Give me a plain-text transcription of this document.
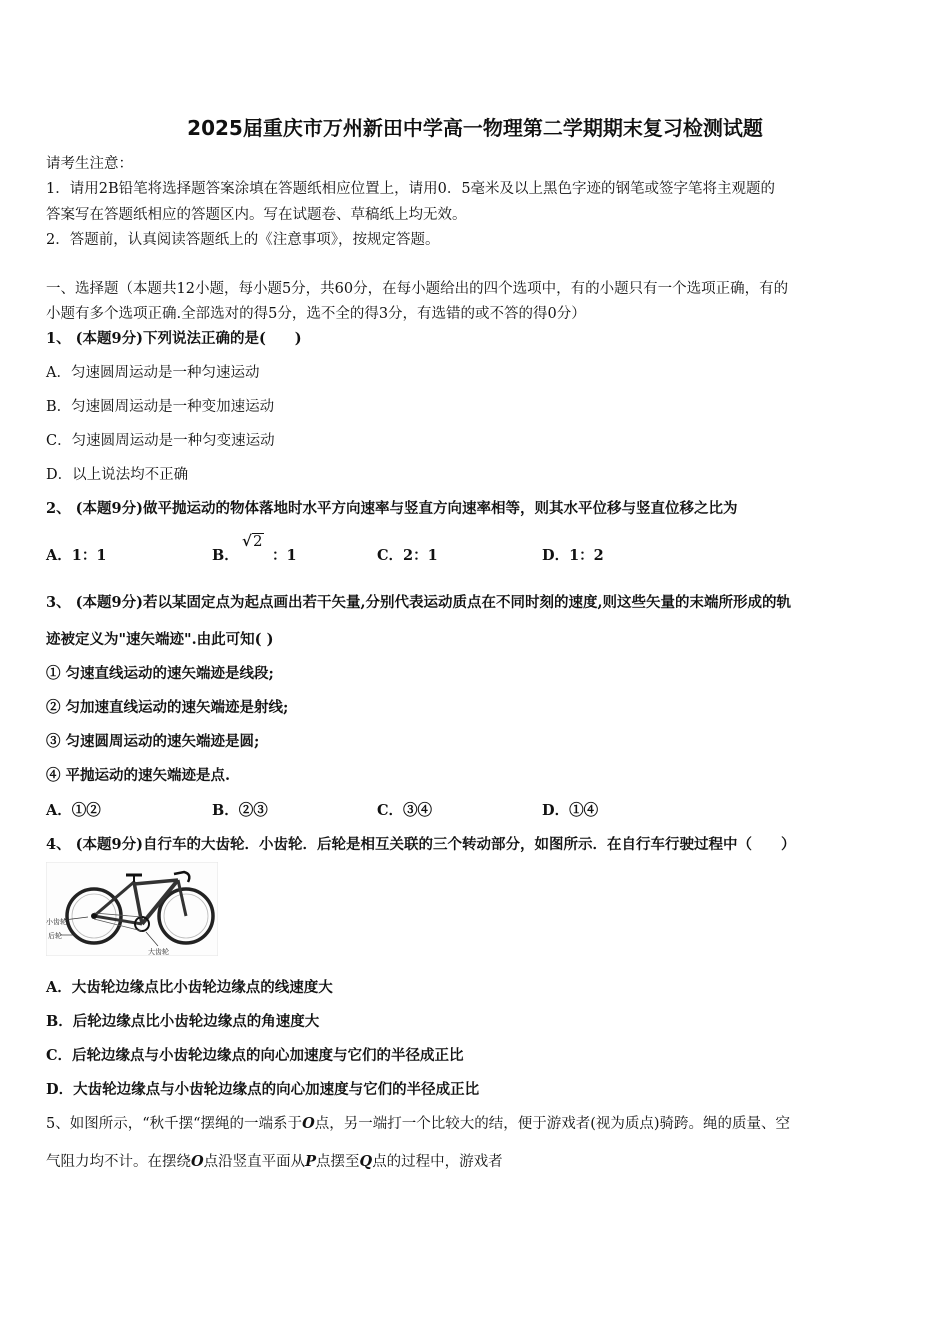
2025届重庆市万州新田中学高一物理第二学期期末复习检测试题
请考生注意：
1．请用2B铅笔将选择题答案涂填在答题纸相应位置上，请用0．5毫米及以上黑色字迹的钢笔或签字笔将主观题的
答案写在答题纸相应的答题区内。写在试题卷、草稿纸上均无效。
2．答题前，认真阅读答题纸上的《注意事项》，按规定答题。
一、选择题（本题共12小题，每小题5分，共60分，在每小题给出的四个选项中，有的小题只有一个选项正确，有的
小题有多个选项正确.全部选对的得5分，选不全的得3分，有选错的或不答的得0分）
1、 (本题9分)下列说法正确的是(　　)
A．匀速圆周运动是一种匀速运动
B．匀速圆周运动是一种变加速运动
C．匀速圆周运动是一种匀变速运动
D．以上说法均不正确
2、 (本题9分)做平抛运动的物体落地时水平方向速率与竖直方向速率相等，则其水平位移与竖直位移之比为
A．1：1	B．
√ 2
：1	C．2：1	D．1：2
3、 (本题9分)若以某固定点为起点画出若干矢量,分别代表运动质点在不同时刻的速度,则这些矢量的末端所形成的轨
迹被定义为"速矢端迹".由此可知( )
① 匀速直线运动的速矢端迹是线段;
② 匀加速直线运动的速矢端迹是射线;
③ 匀速圆周运动的速矢端迹是圆;
④ 平抛运动的速矢端迹是点.
A．①②	B．②③	C．③④	D．①④
4、 (本题9分)自行车的大齿轮．小齿轮．后轮是相互关联的三个转动部分，如图所示．在自行车行驶过程中（　　）
小齿轮
后轮
大齿轮
A．大齿轮边缘点比小齿轮边缘点的线速度大
B．后轮边缘点比小齿轮边缘点的角速度大
C．后轮边缘点与小齿轮边缘点的向心加速度与它们的半径成正比
D．大齿轮边缘点与小齿轮边缘点的向心加速度与它们的半径成正比
5、如图所示，“秋千摆“摆绳的一端系于O点，另一端打一个比较大的结，便于游戏者(视为质点)骑跨。绳的质量、空
气阻力均不计。在摆绕O点沿竖直平面从P点摆至Q点的过程中，游戏者
